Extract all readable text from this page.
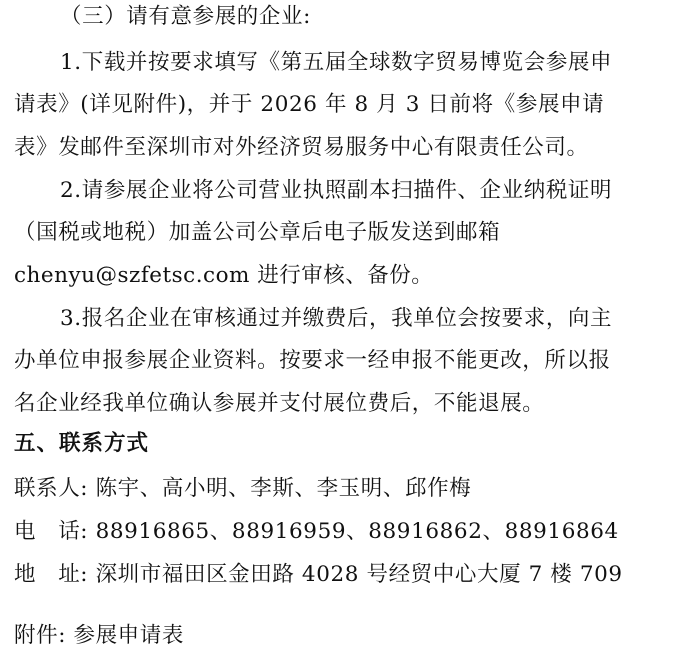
（三）请有意参展的企业:
1.下载并按要求填写《第五届全球数字贸易博览会参展申
请表》(详见附件)，并于 2026 年 8 月 3 日前将《参展申请
表》发邮件至深圳市对外经济贸易服务中心有限责任公司。
2.请参展企业将公司营业执照副本扫描件、企业纳税证明
（国税或地税）加盖公司公章后电子版发送到邮箱
chenyu@szfetsc.com 进行审核、备份。
3.报名企业在审核通过并缴费后，我单位会按要求，向主
办单位申报参展企业资料。按要求一经申报不能更改，所以报
名企业经我单位确认参展并支付展位费后，不能退展。
五、联系方式
联系人: 陈宇、高小明、李斯、李玉明、邱作梅
电　话: 88916865、88916959、88916862、88916864
地　址: 深圳市福田区金田路 4028 号经贸中心大厦 7 楼 709
附件: 参展申请表
